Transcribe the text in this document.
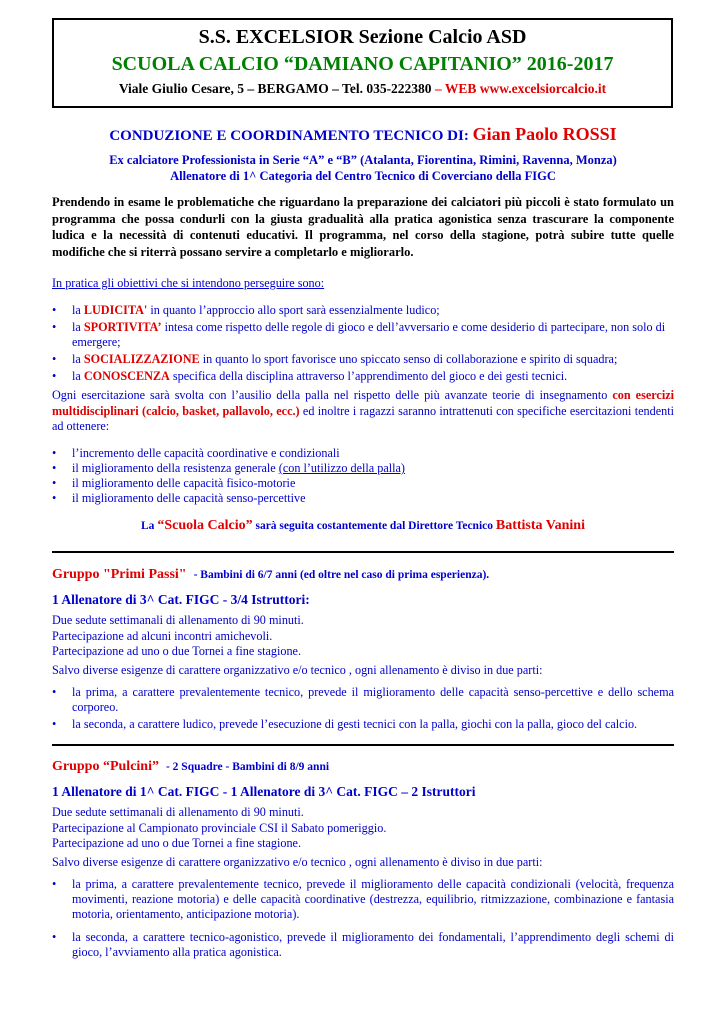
S.S. EXCELSIOR Sezione Calcio ASD
SCUOLA CALCIO “DAMIANO CAPITANIO” 2016-2017
Viale Giulio Cesare, 5 – BERGAMO – Tel. 035-222380 – WEB www.excelsiorcalcio.it
CONDUZIONE E COORDINAMENTO TECNICO DI: Gian Paolo ROSSI
Ex calciatore Professionista in Serie “A” e “B” (Atalanta, Fiorentina, Rimini, Ravenna, Monza)
Allenatore di 1^ Categoria del Centro Tecnico di Coverciano della FIGC
Prendendo in esame le problematiche che riguardano la preparazione dei calciatori più piccoli è stato formulato un programma che possa condurli con la giusta gradualità alla pratica agonistica senza trascurare la componente ludica e la necessità di contenuti educativi. Il programma, nel corso della stagione, potrà subire tutte quelle modifiche che si riterrà possano servire a completarlo e migliorarlo.
In pratica gli obiettivi che si intendono perseguire sono:
• la LUDICITA' in quanto l’approccio allo sport sarà essenzialmente ludico;
• la SPORTIVITA’ intesa come rispetto delle regole di gioco e dell’avversario e come desiderio di partecipare, non solo di emergere;
• la SOCIALIZZAZIONE in quanto lo sport favorisce uno spiccato senso di collaborazione e spirito di squadra;
• la CONOSCENZA specifica della disciplina attraverso l’apprendimento del gioco e dei gesti tecnici.
Ogni esercitazione sarà svolta con l’ausilio della palla nel rispetto delle più avanzate teorie di insegnamento con esercizi multidisciplinari (calcio, basket, pallavolo, ecc.) ed inoltre i ragazzi saranno intrattenuti con specifiche esercitazioni tendenti ad ottenere:
• l’incremento delle capacità coordinative e condizionali
• il miglioramento della resistenza generale (con l’utilizzo della palla)
• il miglioramento delle capacità fisico-motorie
• il miglioramento delle capacità senso-percettive
La “Scuola Calcio” sarà seguita costantemente dal Direttore Tecnico Battista Vanini
Gruppo "Primi Passi" - Bambini di 6/7 anni (ed oltre nel caso di prima esperienza).
1 Allenatore di 3^ Cat. FIGC - 3/4 Istruttori:
Due sedute settimanali di allenamento di 90 minuti.
Partecipazione ad alcuni incontri amichevoli.
Partecipazione ad uno o due Tornei a fine stagione.
Salvo diverse esigenze di carattere organizzativo e/o tecnico , ogni allenamento è diviso in due parti:
• la prima, a carattere prevalentemente tecnico, prevede il miglioramento delle capacità senso-percettive e dello schema corporeo.
• la seconda, a carattere ludico, prevede l’esecuzione di gesti tecnici con la palla, giochi con la palla, gioco del calcio.
Gruppo “Pulcini” - 2 Squadre - Bambini di 8/9 anni
1 Allenatore di 1^ Cat. FIGC - 1 Allenatore di 3^ Cat. FIGC – 2 Istruttori
Due sedute settimanali di allenamento di 90 minuti.
Partecipazione al Campionato provinciale CSI il Sabato pomeriggio.
Partecipazione ad uno o due Tornei a fine stagione.
Salvo diverse esigenze di carattere organizzativo e/o tecnico , ogni allenamento è diviso in due parti:
• la prima, a carattere prevalentemente tecnico, prevede il miglioramento delle capacità condizionali (velocità, frequenza movimenti, reazione motoria) e delle capacità coordinative (destrezza, equilibrio, ritmizzazione, combinazione e fantasia motoria, orientamento, anticipazione motoria).
• la seconda, a carattere tecnico-agonistico, prevede il miglioramento dei fondamentali, l’apprendimento degli schemi di gioco, l’avviamento alla pratica agonistica.
